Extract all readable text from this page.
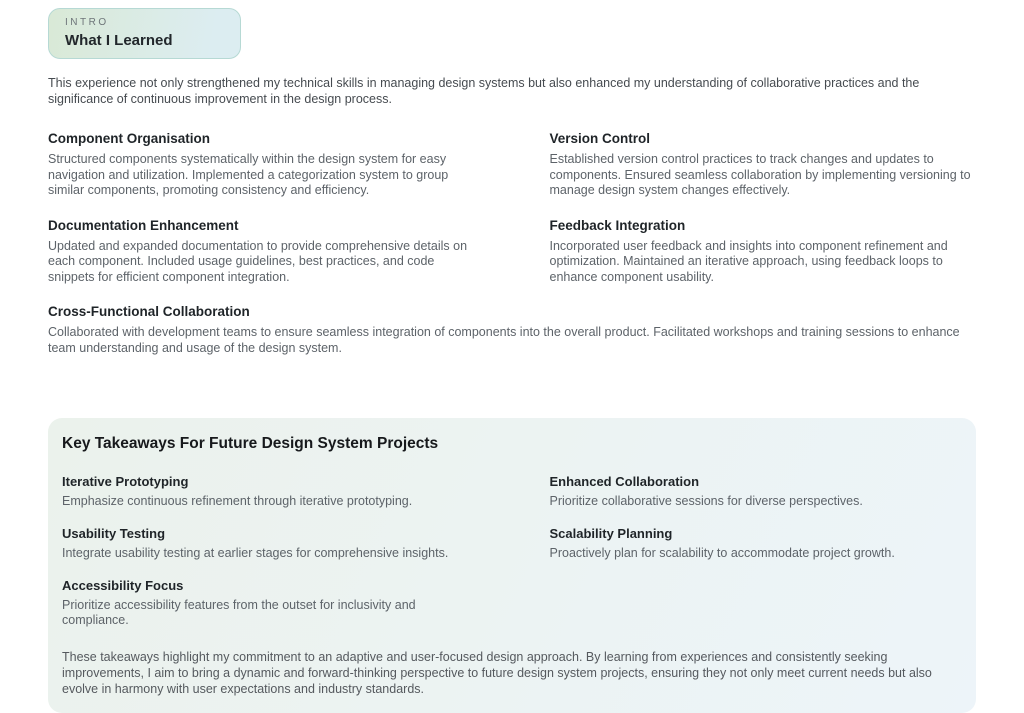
INTRO
What I Learned

This experience not only strengthened my technical skills in managing design systems but also enhanced my understanding of collaborative practices and the significance of continuous improvement in the design process.

Component Organisation

Structured components systematically within the design system for easy navigation and utilization. Implemented a categorization system to group similar components, promoting consistency and efficiency.

Version Control

Established version control practices to track changes and updates to components. Ensured seamless collaboration by implementing versioning to manage design system changes effectively.

Documentation Enhancement

Updated and expanded documentation to provide comprehensive details on each component. Included usage guidelines, best practices, and code snippets for efficient component integration.

Feedback Integration

Incorporated user feedback and insights into component refinement and optimization. Maintained an iterative approach, using feedback loops to enhance component usability.

Cross-Functional Collaboration

Collaborated with development teams to ensure seamless integration of components into the overall product. Facilitated workshops and training sessions to enhance team understanding and usage of the design system.

Key Takeaways For Future Design System Projects
Iterative Prototyping

Emphasize continuous refinement through iterative prototyping.

Enhanced Collaboration

Prioritize collaborative sessions for diverse perspectives.

Usability Testing

Integrate usability testing at earlier stages for comprehensive insights.

Scalability Planning

Proactively plan for scalability to accommodate project growth.

Accessibility Focus

Prioritize accessibility features from the outset for inclusivity and compliance.

These takeaways highlight my commitment to an adaptive and user-focused design approach. By learning from experiences and consistently seeking improvements, I aim to bring a dynamic and forward-thinking perspective to future design system projects, ensuring they not only meet current needs but also evolve in harmony with user expectations and industry standards.
